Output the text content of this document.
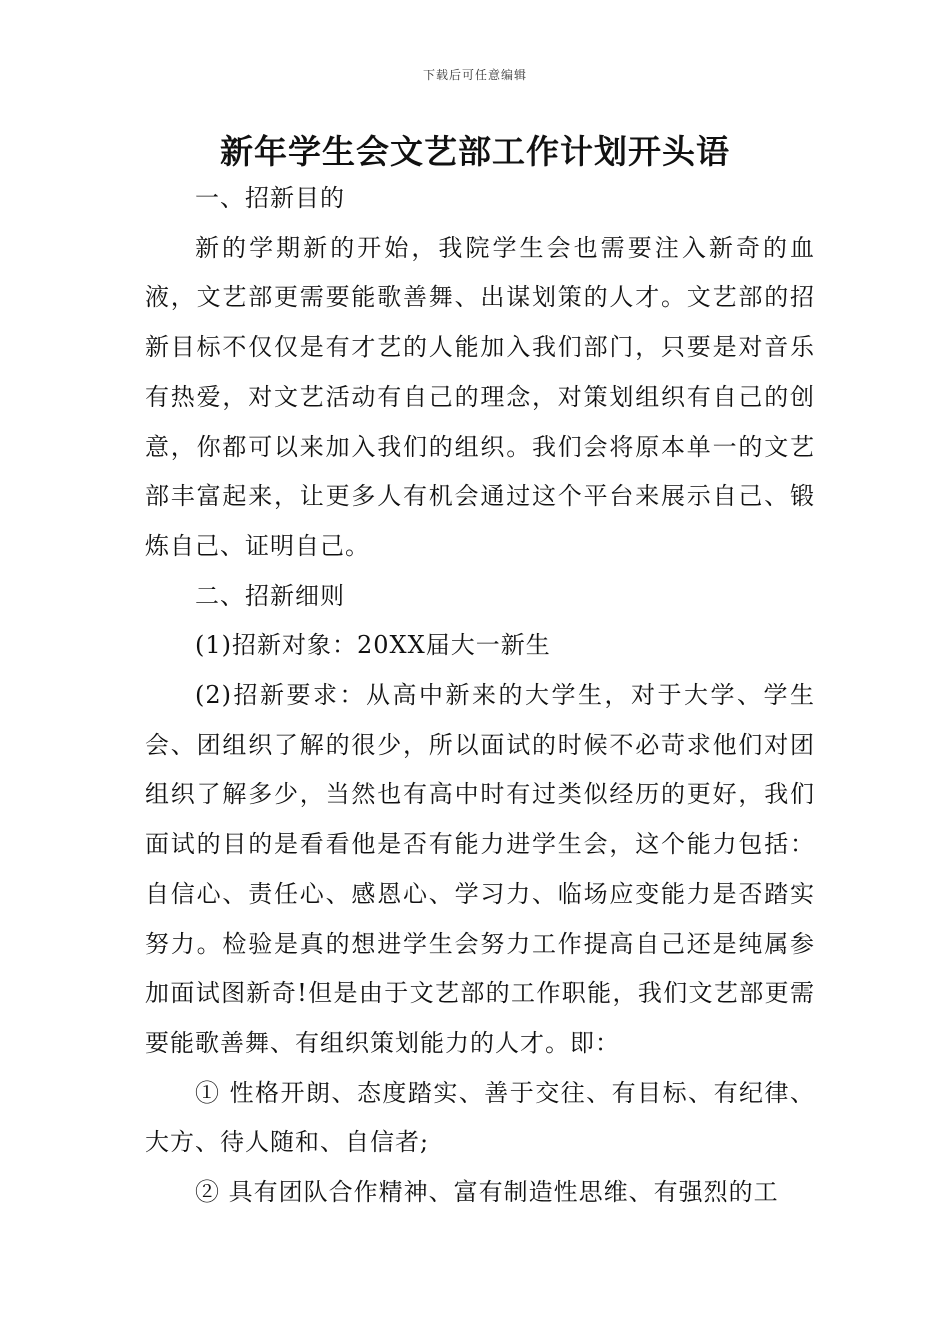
下载后可任意编辑
新年学生会文艺部工作计划开头语

一、招新目的

新的学期新的开始，我院学生会也需要注入新奇的血液，文艺部更需要能歌善舞、出谋划策的人才。文艺部的招新目标不仅仅是有才艺的人能加入我们部门，只要是对音乐有热爱，对文艺活动有自己的理念，对策划组织有自己的创意，你都可以来加入我们的组织。我们会将原本单一的文艺部丰富起来，让更多人有机会通过这个平台来展示自己、锻炼自己、证明自己。

二、招新细则

(1)招新对象：20XX届大一新生

(2)招新要求：从高中新来的大学生，对于大学、学生会、团组织了解的很少，所以面试的时候不必苛求他们对团组织了解多少，当然也有高中时有过类似经历的更好，我们面试的目的是看看他是否有能力进学生会，这个能力包括：自信心、责任心、感恩心、学习力、临场应变能力是否踏实努力。检验是真的想进学生会努力工作提高自己还是纯属参加面试图新奇!但是由于文艺部的工作职能，我们文艺部更需要能歌善舞、有组织策划能力的人才。即：

① 性格开朗、态度踏实、善于交往、有目标、有纪律、大方、待人随和、自信者;

② 具有团队合作精神、富有制造性思维、有强烈的工
